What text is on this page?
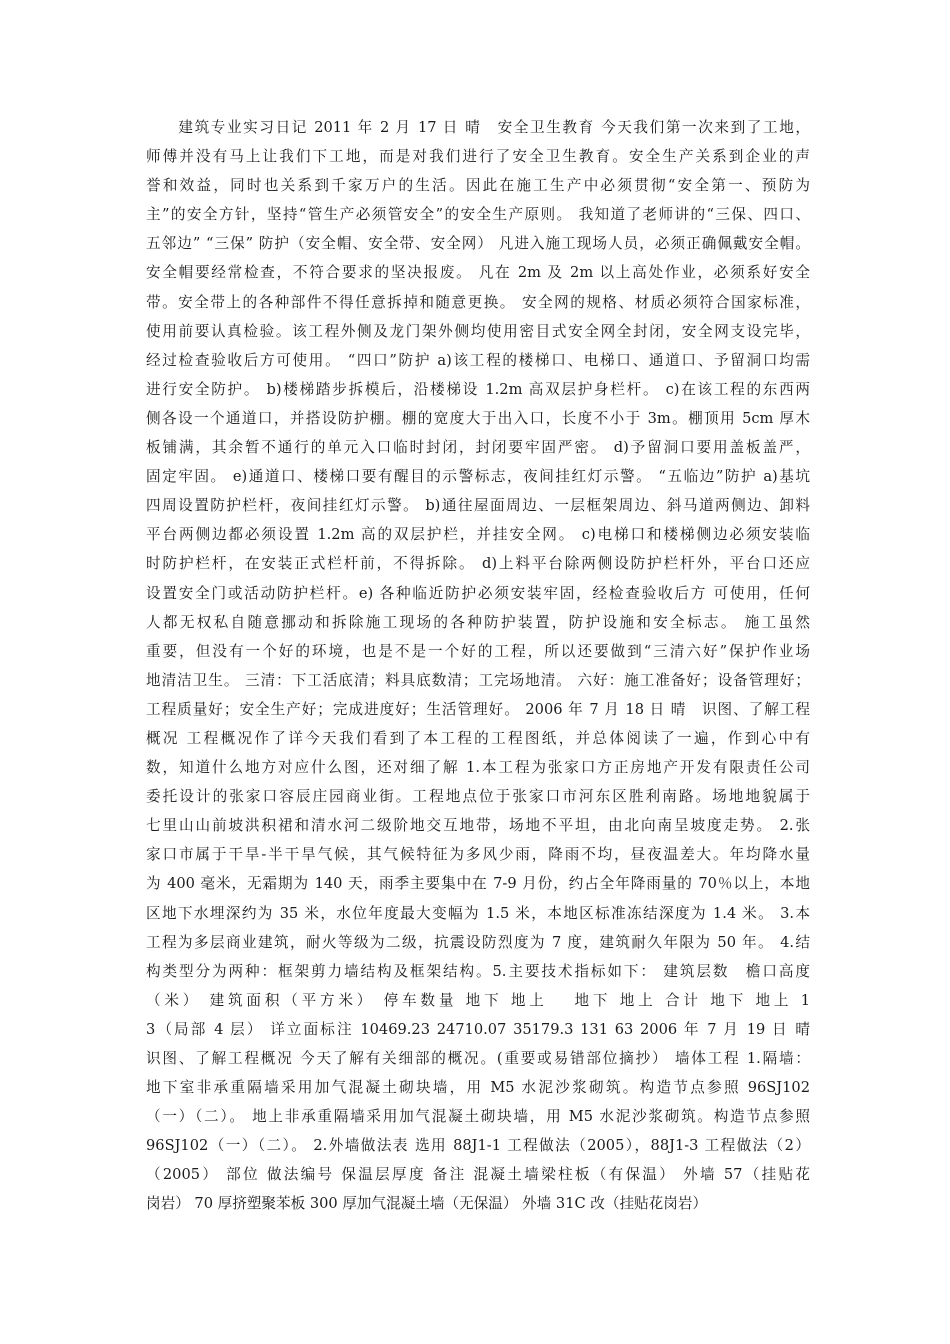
　　建筑专业实习日记 2011 年 2 月 17 日 晴　安全卫生教育 今天我们第一次来到了工地，
师傅并没有马上让我们下工地，而是对我们进行了安全卫生教育。安全生产关系到企业的声
誉和效益，同时也关系到千家万户的生活。因此在施工生产中必须贯彻“安全第一、预防为
主”的安全方针，坚持“管生产必须管安全”的安全生产原则。 我知道了老师讲的“三保、四口、
五邻边” “三保” 防护（安全帽、安全带、安全网） 凡进入施工现场人员，必须正确佩戴安全帽。
安全帽要经常检查，不符合要求的坚决报废。 凡在 2m 及 2m 以上高处作业，必须系好安全
带。安全带上的各种部件不得任意拆掉和随意更换。 安全网的规格、材质必须符合国家标准，
使用前要认真检验。该工程外侧及龙门架外侧均使用密目式安全网全封闭，安全网支设完毕，
经过检查验收后方可使用。 “四口”防护 a)该工程的楼梯口、电梯口、通道口、予留洞口均需
进行安全防护。 b)楼梯踏步拆模后，沿楼梯设 1.2m 高双层护身栏杆。 c)在该工程的东西两
侧各设一个通道口，并搭设防护棚。棚的宽度大于出入口，长度不小于 3m。棚顶用 5cm 厚木
板铺满，其余暂不通行的单元入口临时封闭，封闭要牢固严密。 d)予留洞口要用盖板盖严，
固定牢固。 e)通道口、楼梯口要有醒目的示警标志，夜间挂红灯示警。 “五临边”防护 a)基坑
四周设置防护栏杆，夜间挂红灯示警。 b)通往屋面周边、一层框架周边、斜马道两侧边、卸料
平台两侧边都必须设置 1.2m 高的双层护栏，并挂安全网。 c)电梯口和楼梯侧边必须安装临
时防护栏杆，在安装正式栏杆前，不得拆除。 d)上料平台除两侧设防护栏杆外，平台口还应
设置安全门或活动防护栏杆。e) 各种临近防护必须安装牢固，经检查验收后方 可使用，任何
人都无权私自随意挪动和拆除施工现场的各种防护装置，防护设施和安全标志。 施工虽然
重要，但没有一个好的环境，也是不是一个好的工程，所以还要做到“三清六好”保护作业场
地清洁卫生。 三清：下工活底清；料具底数清；工完场地清。 六好：施工准备好；设备管理好；
工程质量好；安全生产好；完成进度好；生活管理好。 2006 年 7 月 18 日 晴　识图、了解工程
概况 工程概况作了详今天我们看到了本工程的工程图纸，并总体阅读了一遍，作到心中有
数，知道什么地方对应什么图，还对细了解 1.本工程为张家口方正房地产开发有限责任公司
委托设计的张家口容辰庄园商业街。工程地点位于张家口市河东区胜利南路。场地地貌属于
七里山山前坡洪积裙和清水河二级阶地交互地带，场地不平坦，由北向南呈坡度走势。 2.张
家口市属于干旱-半干旱气候，其气候特征为多风少雨，降雨不均，昼夜温差大。年均降水量
为 400 毫米，无霜期为 140 天，雨季主要集中在 7-9 月份，约占全年降雨量的 70％以上，本地
区地下水埋深约为 35 米，水位年度最大变幅为 1.5 米，本地区标准冻结深度为 1.4 米。 3.本
工程为多层商业建筑，耐火等级为二级，抗震设防烈度为 7 度，建筑耐久年限为 50 年。 4.结
构类型分为两种：框架剪力墙结构及框架结构。5.主要技术指标如下： 建筑层数　檐口高度
（米） 建筑面积（平方米） 停车数量 地下 地上　 地下 地上 合计 地下 地上 1
3（局部 4 层） 详立面标注 10469.23 24710.07 35179.3 131 63 2006 年 7 月 19 日 晴
识图、了解工程概况 今天了解有关细部的概况。(重要或易错部位摘抄） 墙体工程 1.隔墙：
地下室非承重隔墙采用加气混凝土砌块墙，用 M5 水泥沙浆砌筑。构造节点参照 96SJ102
（一）（二）。 地上非承重隔墙采用加气混凝土砌块墙，用 M5 水泥沙浆砌筑。构造节点参照
96SJ102（一）（二）。 2.外墙做法表 选用 88J1-1 工程做法（2005），88J1-3 工程做法（2）
（2005） 部位 做法编号 保温层厚度 备注 混凝土墙梁柱板（有保温） 外墙 57（挂贴花
岗岩） 70 厚挤塑聚苯板 300 厚加气混凝土墙（无保温） 外墙 31C 改（挂贴花岗岩）
